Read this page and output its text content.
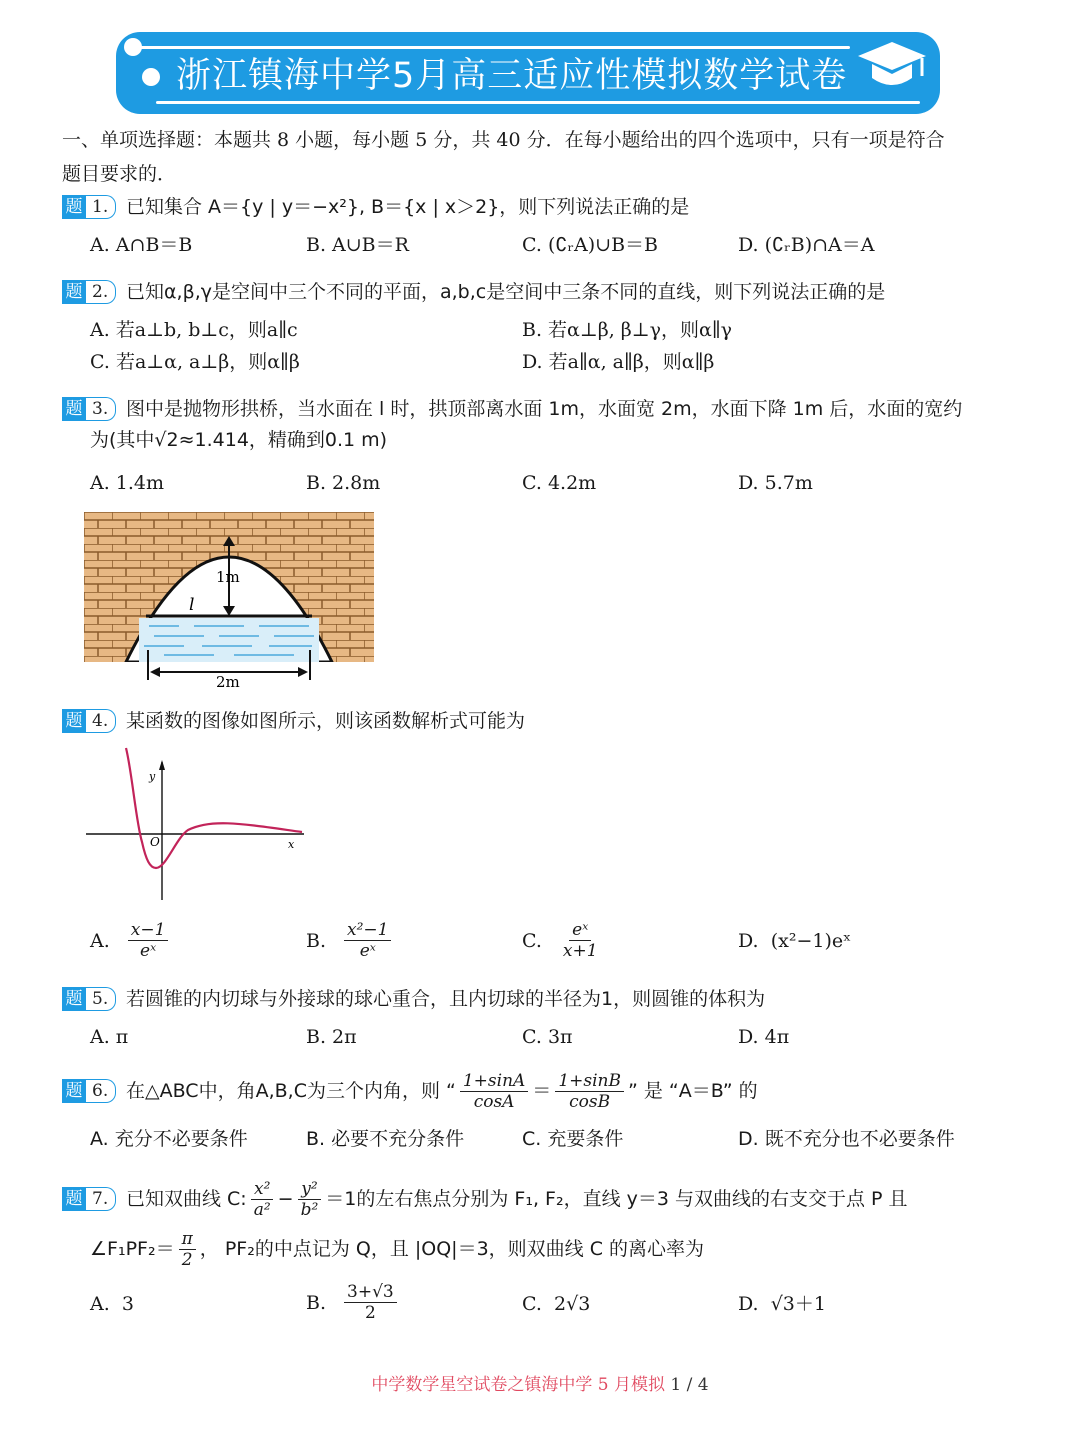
浙江镇海中学5月高三适应性模拟数学试卷
一、单项选择题：本题共 8 小题，每小题 5 分，共 40 分．在每小题给出的四个选项中，只有一项是符合
题目要求的．
题 1. 已知集合 A＝{y | y＝−x²}, B＝{x | x＞2}，则下列说法正确的是
A. A∩B＝B	B. A∪B＝R	C. (∁ᵣA)∪B＝B	D. (∁ᵣB)∩A＝A
题 2. 已知α,β,γ是空间中三个不同的平面，a,b,c是空间中三条不同的直线，则下列说法正确的是
A. 若a⊥b, b⊥c，则a∥c	B. 若α⊥β, β⊥γ，则α∥γ
C. 若a⊥α, a⊥β，则α∥β	D. 若a∥α, a∥β，则α∥β
题 3. 图中是抛物形拱桥，当水面在 l 时，拱顶部离水面 1m，水面宽 2m，水面下降 1m 后，水面的宽约
为(其中√2≈1.414，精确到0.1 m)
A. 1.4m	B. 2.8m	C. 4.2m	D. 5.7m
1m
l
2m
题 4. 某函数的图像如图所示，则该函数解析式可能为
y
x
O
A. $\frac{x-1}{\text{eˣ}}$	B. $\frac{\text{x²−1}}{\text{eˣ}}$	C. $\frac{\text{eˣ}}{x+1}$	D. (x²−1)eˣ
题 5. 若圆锥的内切球与外接球的球心重合，且内切球的半径为1，则圆锥的体积为
A. π	B. 2π	C. 3π	D. 4π
题 6. 在△ABC中，角A,B,C为三个内角，则 “ $\frac{1+\sin A}{\cos A} = \frac{1+\sin B}{\cos B}$ ” 是 “A＝B” 的
A. 充分不必要条件	B. 必要不充分条件	C. 充要条件	D. 既不充分也不必要条件
题 7. 已知双曲线 C: $\frac{\text{x²}}{\text{a²}} - \frac{\text{y²}}{\text{b²}} =1$的左右焦点分别为 F₁, F₂，直线 y＝3 与双曲线的右支交于点 P 且
∠F₁PF₂＝ $\frac{\pi}{2}$ ， PF₂的中点记为 Q，且 |OQ|＝3，则双曲线 C 的离心率为
A. 3	B. $\frac{3+√3}{2}$	C. 2√3	D. √3＋1
中学数学星空试卷之镇海中学 5 月模拟 1 / 4
